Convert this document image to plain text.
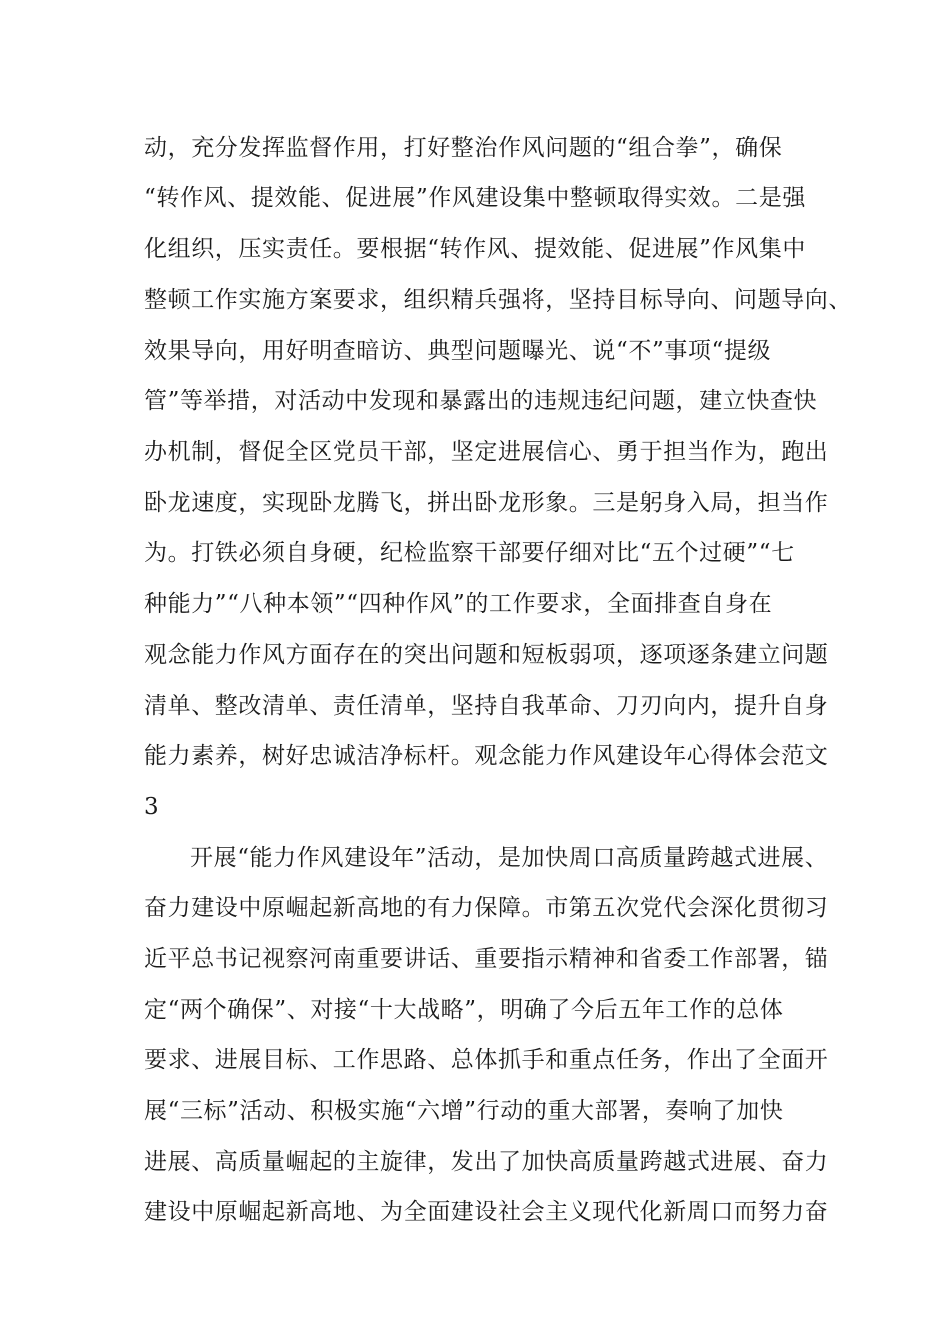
动，充分发挥监督作用，打好整治作风问题的“组合拳”，确保
“转作风、提效能、促进展”作风建设集中整顿取得实效。二是强
化组织，压实责任。要根据“转作风、提效能、促进展”作风集中
整顿工作实施方案要求，组织精兵强将，坚持目标导向、问题导向、
效果导向，用好明查暗访、典型问题曝光、说“不”事项“提级
管”等举措，对活动中发现和暴露出的违规违纪问题，建立快查快
办机制，督促全区党员干部，坚定进展信心、勇于担当作为，跑出
卧龙速度，实现卧龙腾飞，拼出卧龙形象。三是躬身入局，担当作
为。打铁必须自身硬，纪检监察干部要仔细对比“五个过硬”“七
种能力”“八种本领”“四种作风”的工作要求，全面排查自身在
观念能力作风方面存在的突出问题和短板弱项，逐项逐条建立问题
清单、整改清单、责任清单，坚持自我革命、刀刃向内，提升自身
能力素养，树好忠诚洁净标杆。观念能力作风建设年心得体会范文
3
开展“能力作风建设年”活动，是加快周口高质量跨越式进展、
奋力建设中原崛起新高地的有力保障。市第五次党代会深化贯彻习
近平总书记视察河南重要讲话、重要指示精神和省委工作部署，锚
定“两个确保”、对接“十大战略”，明确了今后五年工作的总体
要求、进展目标、工作思路、总体抓手和重点任务，作出了全面开
展“三标”活动、积极实施“六增”行动的重大部署，奏响了加快
进展、高质量崛起的主旋律，发出了加快高质量跨越式进展、奋力
建设中原崛起新高地、为全面建设社会主义现代化新周口而努力奋
